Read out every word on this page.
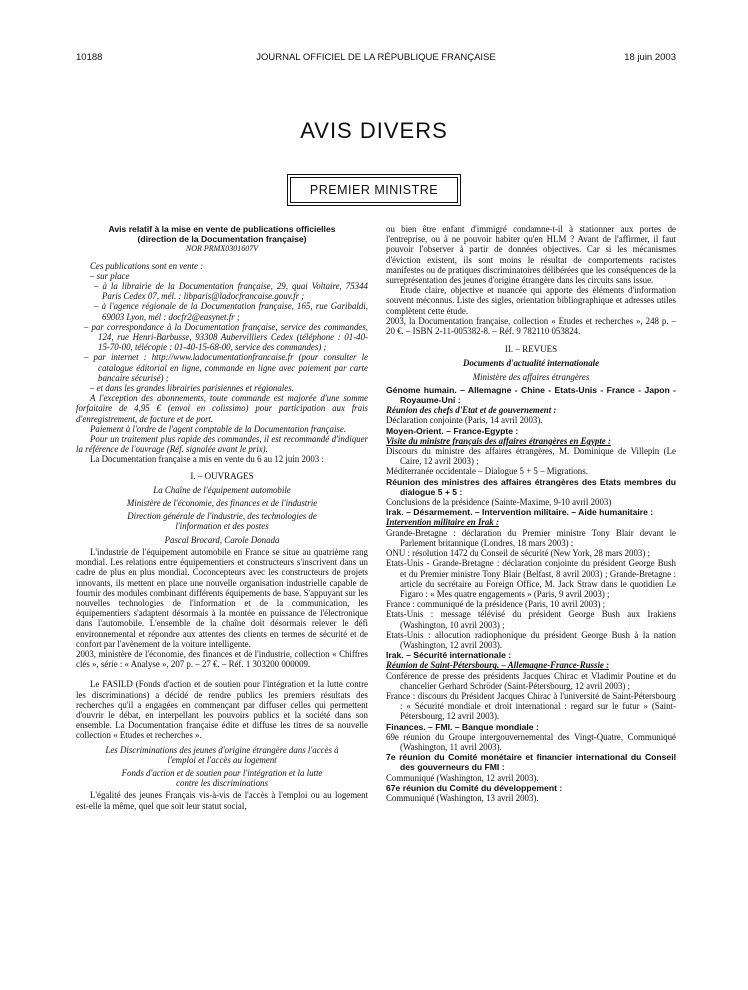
10188	JOURNAL OFFICIEL DE LA RÉPUBLIQUE FRANÇAISE	18 juin 2003
AVIS DIVERS
PREMIER MINISTRE

Avis relatif à la mise en vente de publications officielles

(direction de la Documentation française)

NOR PRMX0301607V

Ces publications sont en vente :

– sur place

– à la librairie de la Documentation française, 29, quai Voltaire, 75344 Paris Cedex 07, mél. : libparis@ladocfrancaise.gouv.fr ;

– à l'agence régionale de la Documentation française, 165, rue Garibaldi, 69003 Lyon, mél : docfr2@easynet.fr ;

– par correspondance à la Documentation française, service des commandes, 124, rue Henri-Barbusse, 93308 Aubervilliers Cedex (téléphone : 01-40-15-70-00, télécopie : 01-40-15-68-00, service des commandes) ;

– par internet : http://www.ladocumentationfrancaise.fr (pour consulter le catalogue éditorial en ligne, commande en ligne avec paiement par carte bancaire sécurisé) ;

– et dans les grandes librairies parisiennes et régionales.

A l'exception des abonnements, toute commande est majorée d'une somme forfaitaire de 4,95 € (envoi en colissimo) pour participation aux frais d'enregistrement, de facture et de port.

Paiement à l'ordre de l'agent comptable de la Documentation française.

Pour un traitement plus rapide des commandes, il est recommandé d'indiquer la référence de l'ouvrage (Réf. signalée avant le prix).

La Documentation française a mis en vente du 6 au 12 juin 2003 :

I. – OUVRAGES

La Chaîne de l'équipement automobile

Ministère de l'économie, des finances et de l'industrie

Direction générale de l'industrie, des technologies de l'information et des postes

Pascal Brocard, Carole Donada

L'industrie de l'équipement automobile en France se situe au quatrième rang mondial. Les relations entre équipementiers et constructeurs s'inscrivent dans un cadre de plus en plus mondial. Coconcepteurs avec les constructeurs de projets innovants, ils mettent en place une nouvelle organisation industrielle capable de fournir des modules combinant différents équipements de base. S'appuyant sur les nouvelles technologies de l'information et de la communication, les équipementiers s'adaptent désormais à la montée en puissance de l'électronique dans l'automobile. L'ensemble de la chaîne doit désormais relever le défi environnemental et répondre aux attentes des clients en termes de sécurité et de confort par l'avènement de la voiture intelligente.

2003, ministère de l'économie, des finances et de l'industrie, collection « Chiffres clés », série : « Analyse », 207 p. – 27 €. – Réf. 1 303200 000009.

Le FASILD (Fonds d'action et de soutien pour l'intégration et la lutte contre les discriminations) a décidé de rendre publics les premiers résultats des recherches qu'il a engagées en commençant par diffuser celles qui permettent d'ouvrir le débat, en interpellant les pouvoirs publics et la société dans son ensemble. La Documentation française édite et diffuse les titres de sa nouvelle collection « Etudes et recherches ».

Les Discriminations des jeunes d'origine étrangère dans l'accès à l'emploi et l'accès au logement

Fonds d'action et de soutien pour l'intégration et la lutte contre les discriminations

L'égalité des jeunes Français vis-à-vis de l'accès à l'emploi ou au logement est-elle la même, quel que soit leur statut social,

ou bien être enfant d'immigré condamne-t-il à stationner aux portes de l'entreprise, ou à ne pouvoir habiter qu'en HLM ? Avant de l'affirmer, il faut pouvoir l'observer à partir de données objectives. Car si les mécanismes d'éviction existent, ils sont moins le résultat de comportements racistes manifestes ou de pratiques discriminatoires délibérées que les conséquences de la surreprésentation des jeunes d'origine étrangère dans les circuits sans issue.

Etude claire, objective et nuancée qui apporte des éléments d'information souvent méconnus. Liste des sigles, orientation bibliographique et adresses utiles complètent cette étude.

2003, la Documentation française, collection « Etudes et recherches », 248 p. – 20 €. – ISBN 2-11-005382-8. – Réf. 9 782110 053824.

II. – REVUES

Documents d'actualité internationale

Ministère des affaires étrangères

Génome humain. – Allemagne - Chine - Etats-Unis - France - Japon - Royaume-Uni :

Réunion des chefs d'Etat et de gouvernement :

Déclaration conjointe (Paris, 14 avril 2003).

Moyen-Orient. – France-Egypte :

Visite du ministre français des affaires étrangères en Egypte :

Discours du ministre des affaires étrangères, M. Dominique de Villepin (Le Caire, 12 avril 2003) ;

Méditerranée occidentale – Dialogue 5 + 5 – Migrations.

Réunion des ministres des affaires étrangères des Etats membres du dialogue 5 + 5 :

Conclusions de la présidence (Sainte-Maxime, 9-10 avril 2003)

Irak. – Désarmement. – Intervention militaire. – Aide humanitaire :

Intervention militaire en Irak :

Grande-Bretagne : déclaration du Premier ministre Tony Blair devant le Parlement britannique (Londres, 18 mars 2003) ;

ONU : résolution 1472 du Conseil de sécurité (New York, 28 mars 2003) ;

Etats-Unis - Grande-Bretagne : déclaration conjointe du président George Bush et du Premier ministre Tony Blair (Belfast, 8 avril 2003) ; Grande-Bretagne : article du secrétaire au Foreign Office, M. Jack Straw dans le quotidien Le Figaro : « Mes quatre engagements » (Paris, 9 avril 2003) ;

France : communiqué de la présidence (Paris, 10 avril 2003) ;

Etats-Unis : message télévisé du président George Bush aux Irakiens (Washington, 10 avril 2003) ;

Etats-Unis : allocution radiophonique du président George Bush à la nation (Washington, 12 avril 2003).

Irak. – Sécurité internationale :

Réunion de Saint-Pétersbourg. – Allemagne-France-Russie :

Conférence de presse des présidents Jacques Chirac et Vladimir Poutine et du chancelier Gerhard Schröder (Saint-Pétersbourg, 12 avril 2003) ;

France : discours du Président Jacques Chirac à l'université de Saint-Pétersbourg : « Sécurité mondiale et droit international : regard sur le futur » (Saint-Pétersbourg, 12 avril 2003).

Finances. – FMI. – Banque mondiale :

69e réunion du Groupe intergouvernemental des Vingt-Quatre, Communiqué (Washington, 11 avril 2003).

7e réunion du Comité monétaire et financier international du Conseil des gouverneurs du FMI :

Communiqué (Washington, 12 avril 2003).

67e réunion du Comité du développement :

Communiqué (Washington, 13 avril 2003).
